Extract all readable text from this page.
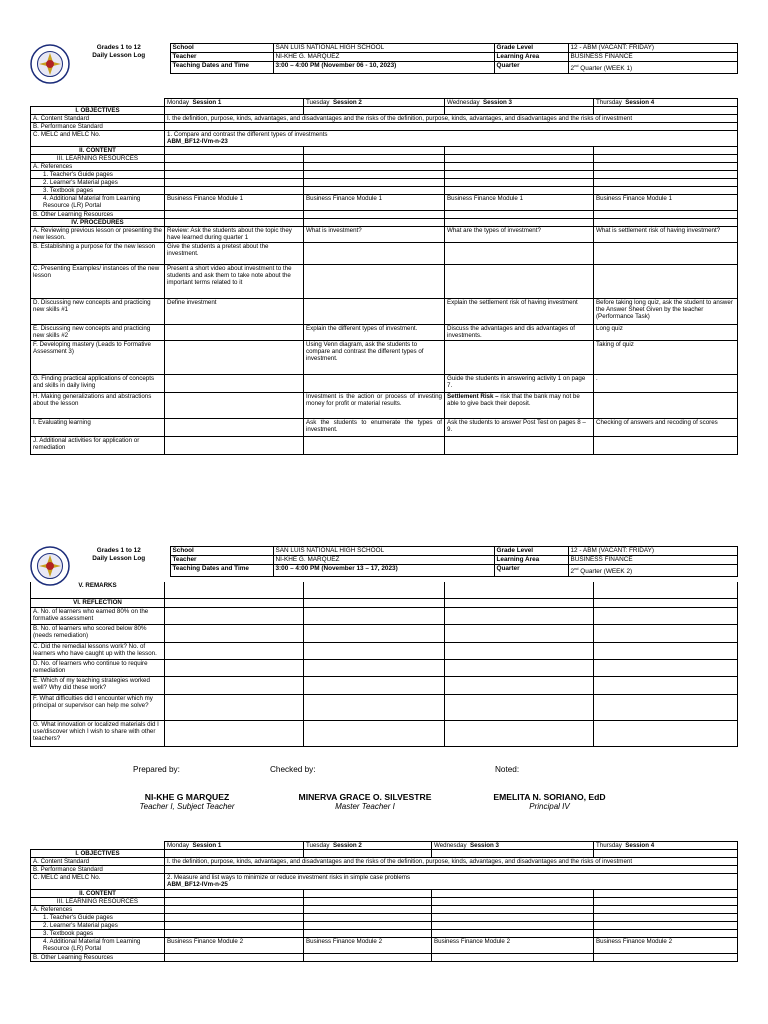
Grades 1 to 12
Daily Lesson Log	School	SAN LUIS NATIONAL HIGH SCHOOL	Grade Level	12 - ABM (VACANT: FRIDAY)
	Teacher	NI-KHE G. MARQUEZ	Learning Area	BUSINESS FINANCE
	Teaching Dates and Time	3:00 – 4:00 PM (November 06 - 10, 2023)	Quarter	2nd Quarter (WEEK 1)
	Monday Session 1	Tuesday Session 2	Wednesday Session 3	Thursday Session 4
I. OBJECTIVES				
A. Content Standard	I. the definition, purpose, kinds, advantages, and disadvantages and the risks of the definition, purpose, kinds, advantages, and disadvantages and the risks of investment			
B. Performance Standard				
C. MELC and MELC No.	1. Compare and contrast the different types of investments
ABM_BF12-IVm-n-23			

II. CONTENT				
III. LEARNING RESOURCES				
A. References				
1. Teacher's Guide pages				
2. Learner's Material pages				
3. Textbook pages				
4. Additional Material from Learning Resource (LR) Portal	Business Finance Module 1	Business Finance Module 1	Business Finance Module 1	Business Finance Module 1
B. Other Learning Resources				
IV. PROCEDURES				
A. Reviewing previous lesson or presenting the new lesson.	Review: Ask the students about the topic they have learned during quarter 1	What is investment?	What are the types of investment?	What is settlement risk of having investment?
B. Establishing a purpose for the new lesson	Give the students a pretest about the investment.			
C. Presenting Examples/ instances of the new lesson	Present a short video about investment to the students and ask them to take note about the important terms related to it			
D. Discussing new concepts and practicing new skills #1	Define investment		Explain the settlement risk of having investment	Before taking long quiz, ask the student to answer the Answer Sheet Given by the teacher (Performance Task)
E. Discussing new concepts and practicing new skills #2		Explain the different types of investment.	Discuss the advantages and dis advantages of investments.	Long quiz
F. Developing mastery (Leads to Formative Assessment 3)		Using Venn diagram, ask the students to compare and contrast the different types of investment.		Taking of quiz
G. Finding practical applications of concepts and skills in daily living			Guide the students in answering activity 1 on page 7.	.
H. Making generalizations and abstractions about the lesson		Investment is the action or process of investing money for profit or material results.	Settlement Risk – risk that the bank may not be able to give back their deposit.	
I. Evaluating learning		Ask the students to enumerate the types of investment.	Ask the students to answer Post Test on pages 8 – 9.	Checking of answers and recoding of scores
J. Additional activities for application or remediation				
Grades 1 to 12
Daily Lesson Log	School	SAN LUIS NATIONAL HIGH SCHOOL	Grade Level	12 - ABM (VACANT: FRIDAY)
	Teacher	NI-KHE G. MARQUEZ	Learning Area	BUSINESS FINANCE
	Teaching Dates and Time	3:00 – 4:00 PM (November 13 – 17, 2023)	Quarter	2nd Quarter (WEEK 2)
V. REMARKS				
VI. REFLECTION				
A. No. of learners who earned 80% on the formative assessment				
B. No. of learners who scored below 80% (needs remediation)				
C. Did the remedial lessons work? No. of learners who have caught up with the lesson.				
D. No. of learners who continue to require remediation				
E. Which of my teaching strategies worked well? Why did these work?				
F. What difficulties did I encounter which my principal or supervisor can help me solve?				
G. What innovation or localized materials did I use/discover which I wish to share with other teachers?				
Prepared by:	Checked by:	Noted:
NI-KHE G MARQUEZ
Teacher I, Subject Teacher
MINERVA GRACE O. SILVESTRE
Master Teacher I
EMELITA N. SORIANO, EdD
Principal IV
	Monday Session 1	Tuesday Session 2	Wednesday Session 3	Thursday Session 4
I. OBJECTIVES				
A. Content Standard	I. the definition, purpose, kinds, advantages, and disadvantages and the risks of the definition, purpose, kinds, advantages, and disadvantages and the risks of investment			
B. Performance Standard				
C. MELC and MELC No.	2. Measure and list ways to minimize or reduce investment risks in simple case problems
ABM_BF12-IVm-n-25			

II. CONTENT				
III. LEARNING RESOURCES				
A. References				
1. Teacher's Guide pages				
2. Learner's Material pages				
3. Textbook pages				
4. Additional Material from Learning Resource (LR) Portal	Business Finance Module 2	Business Finance Module 2	Business Finance Module 2	Business Finance Module 2
B. Other Learning Resources				
